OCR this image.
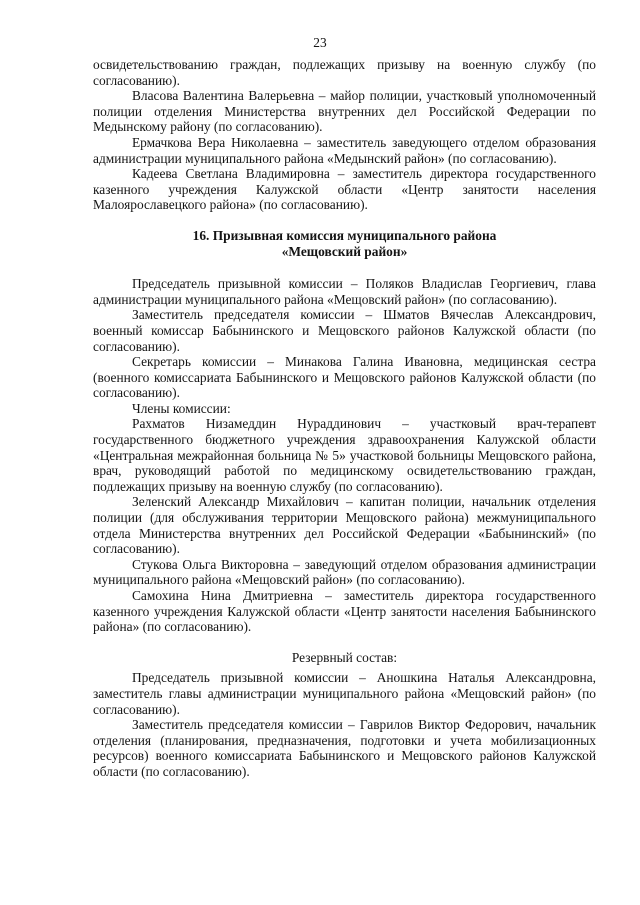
23

освидетельствованию граждан, подлежащих призыву на военную службу (по согласованию).

Власова Валентина Валерьевна – майор полиции, участковый уполномоченный полиции отделения Министерства внутренних дел Российской Федерации по Медынскому району (по согласованию).

Ермачкова Вера Николаевна – заместитель заведующего отделом образования администрации муниципального района «Медынский район» (по согласованию).

Кадеева Светлана Владимировна – заместитель директора государственного казенного учреждения Калужской области «Центр занятости населения Малоярославецкого района» (по согласованию).

16. Призывная комиссия муниципального района

«Мещовский район»

Председатель призывной комиссии – Поляков Владислав Георгиевич, глава администрации муниципального района «Мещовский район» (по согласованию).

Заместитель председателя комиссии – Шматов Вячеслав Александрович, военный комиссар Бабынинского и Мещовского районов Калужской области (по согласованию).

Секретарь комиссии – Минакова Галина Ивановна, медицинская сестра (военного комиссариата Бабынинского и Мещовского районов Калужской области (по согласованию).

Члены комиссии:

Рахматов Низамеддин Нураддинович – участковый врач-терапевт государственного бюджетного учреждения здравоохранения Калужской области «Центральная межрайонная больница № 5» участковой больницы Мещовского района, врач, руководящий работой по медицинскому освидетельствованию граждан, подлежащих призыву на военную службу (по согласованию).

Зеленский Александр Михайлович – капитан полиции, начальник отделения полиции (для обслуживания территории Мещовского района) межмуниципального отдела Министерства внутренних дел Российской Федерации «Бабынинский» (по согласованию).

Стукова Ольга Викторовна – заведующий отделом образования администрации муниципального района «Мещовский район» (по согласованию).

Самохина Нина Дмитриевна – заместитель директора государственного казенного учреждения Калужской области «Центр занятости населения Бабынинского района» (по согласованию).

Резервный состав:

Председатель призывной комиссии – Аношкина Наталья Александровна, заместитель главы администрации муниципального района «Мещовский район» (по согласованию).

Заместитель председателя комиссии – Гаврилов Виктор Федорович, начальник отделения (планирования, предназначения, подготовки и учета мобилизационных ресурсов) военного комиссариата Бабынинского и Мещовского районов Калужской области (по согласованию).
